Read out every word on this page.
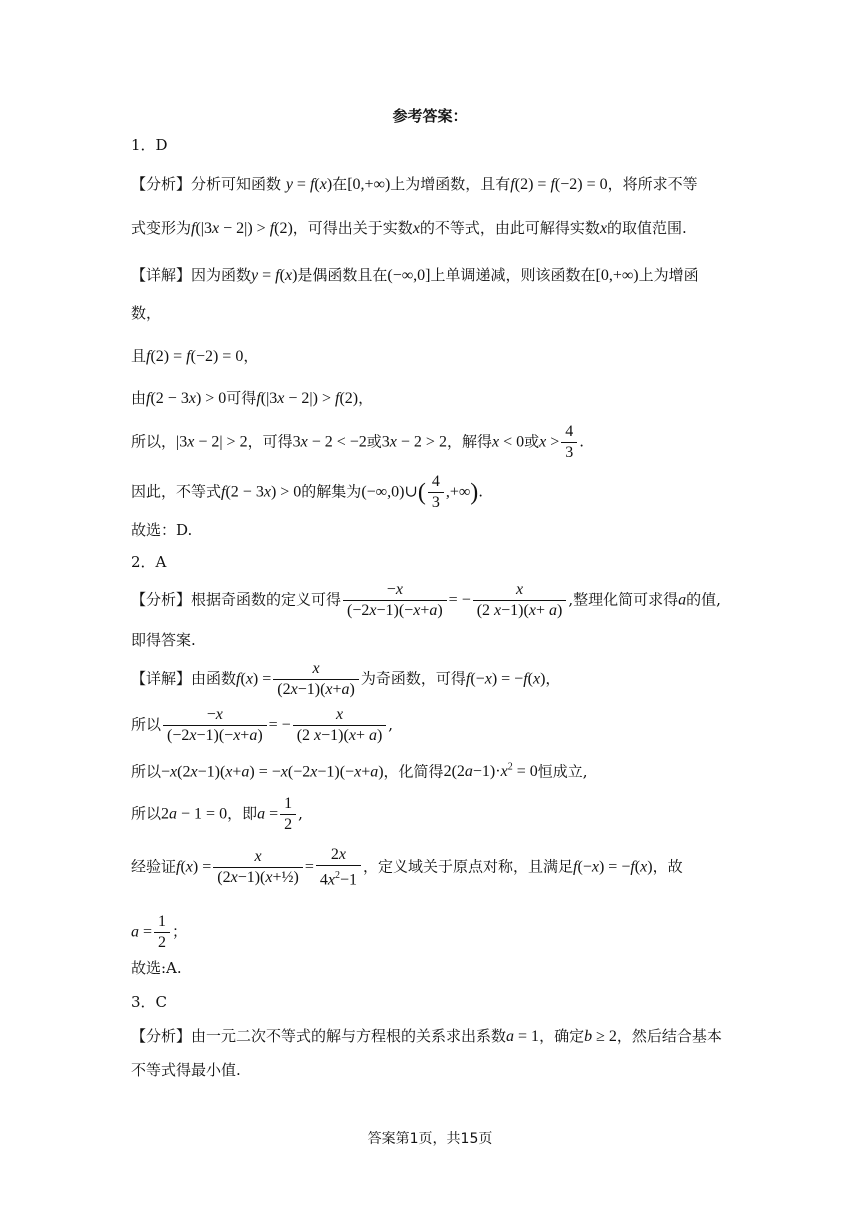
参考答案：
1．D
【分析】分析可知函数 y = f(x)在[0,+∞)上为增函数，且有f(2) = f(−2) = 0，将所求不等
式变形为f(|3x − 2|) > f(2)，可得出关于实数x的不等式，由此可解得实数x的取值范围.
【详解】因为函数y = f(x)是偶函数且在(−∞,0]上单调递减，则该函数在[0,+∞)上为增函
数，
且f(2) = f(−2) = 0，
由f(2 − 3x) > 0可得f(|3x − 2|) > f(2)，
所以，|3x − 2| > 2，可得3x − 2 < −2或3x − 2 > 2，解得x < 0或$x > \frac{4}{3}$ .
因此，不等式f(2 − 3x) > 0的解集为(−∞,0)∪( $\frac{4}{3}$ ,+∞).
故选：D.
2．A
【分析】根据奇函数的定义可得 $\frac{-x}{(-2x-1)(-x+a)}$ = − $\frac{x}{(2 x-1)(x+ a)}$ ,整理化简可求得a的值,
即得答案.
【详解】由函数$f(x) = \frac{x}{(2x-1)(x+a)}$ 为奇函数，可得f(−x) = −f(x)，
所以 $\frac{-x}{(-2x-1)(-x+a)}$ = − $\frac{x}{(2 x-1)(x+ a)}$ ,
所以−x(2x−1)(x+a) = −x(−2x−1)(−x+a)，化简得$2(2a-1)\cdot x^2 = 0$恒成立,
所以2a − 1 = 0，即$a = \frac{1}{2}$ ,
经验证$f(x) = \frac{x}{\text{(2x−1)(x+½)}} = \frac{2x}{4x^2-1}$ ，定义域关于原点对称，且满足f(−x) = −f(x)，故
$a = \frac{1}{2}$ ；
故选:A.
3．C
【分析】由一元二次不等式的解与方程根的关系求出系数a = 1，确定b ≥ 2，然后结合基本
不等式得最小值.
答案第1页，共15页
